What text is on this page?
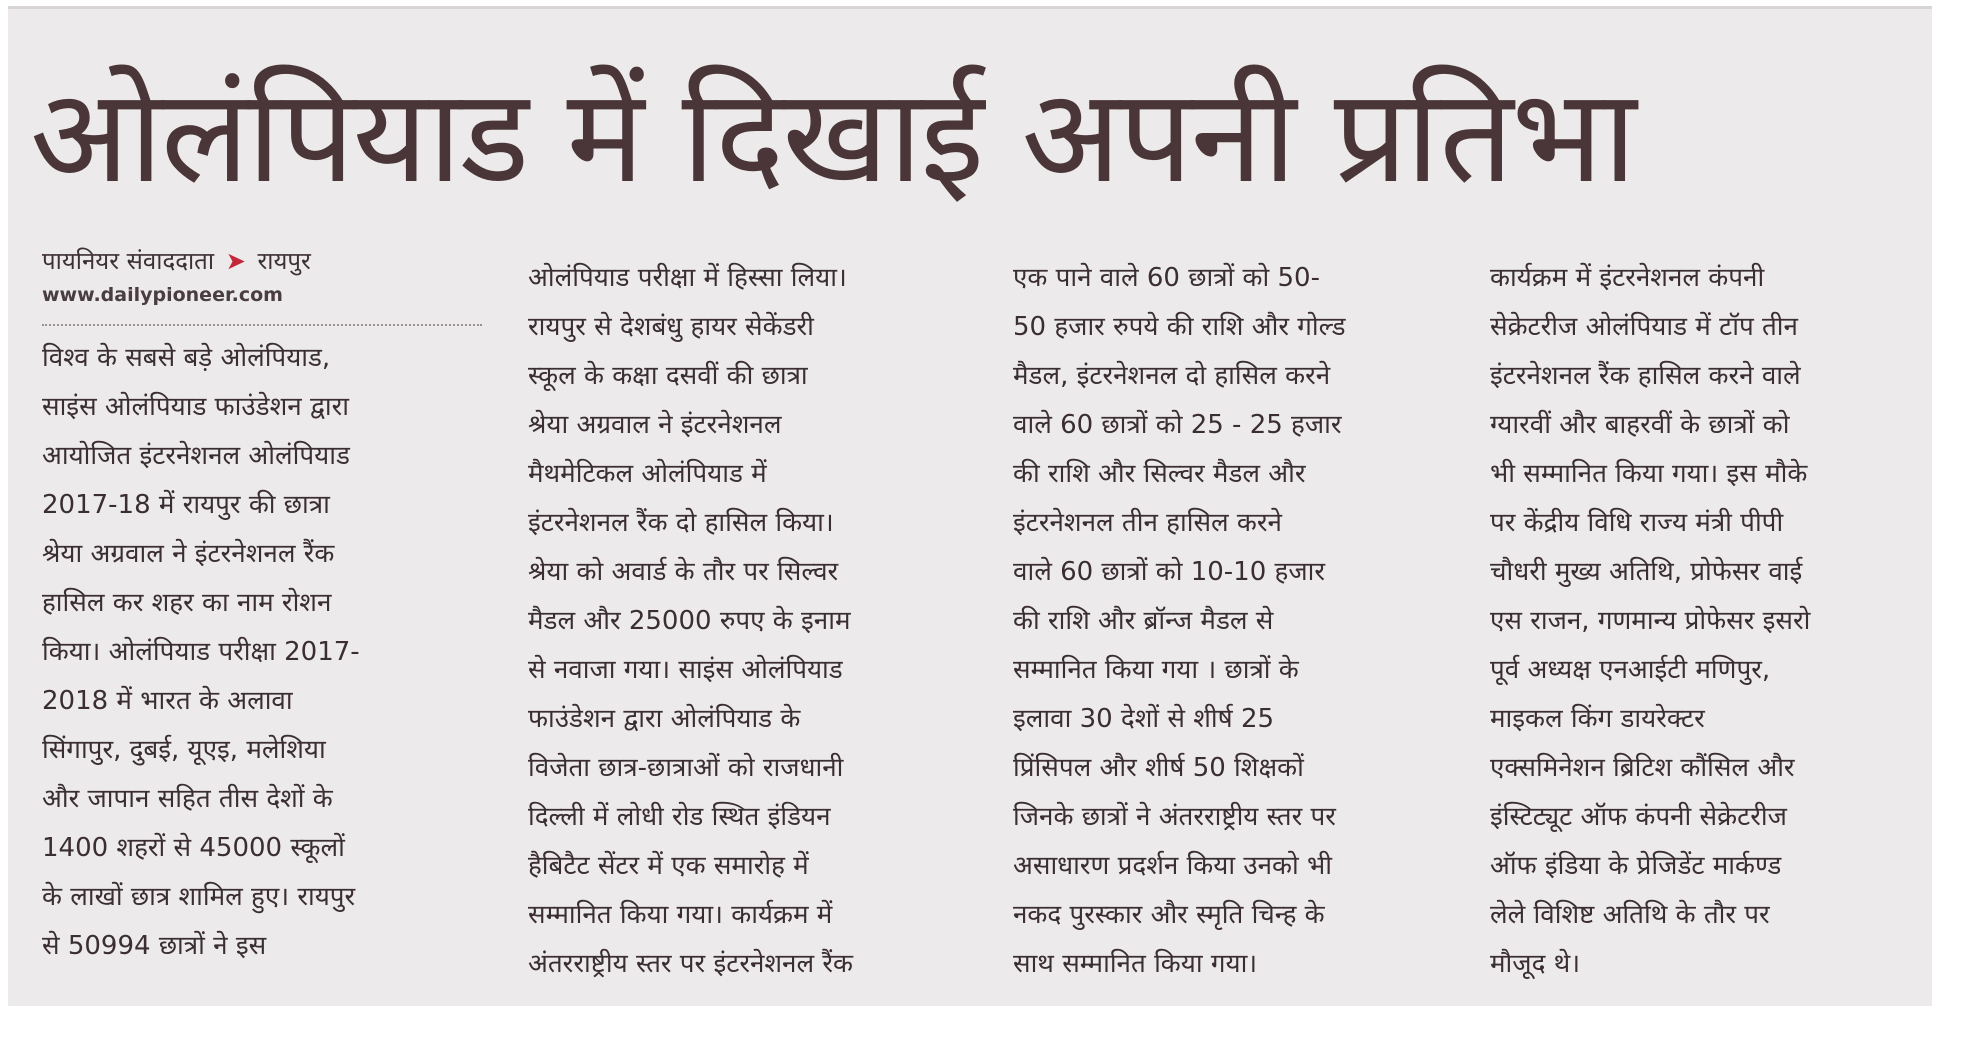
ओलंपियाड में दिखाई अपनी प्रतिभा
पायनियर संवाददाता ➤ रायपुर
www.dailypioneer.com

विश्व के सबसे बड़े ओलंपियाड,

साइंस ओलंपियाड फाउंडेशन द्वारा

आयोजित इंटरनेशनल ओलंपियाड

2017-18 में रायपुर की छात्रा

श्रेया अग्रवाल ने इंटरनेशनल रैंक

हासिल कर शहर का नाम रोशन

किया। ओलंपियाड परीक्षा 2017-

2018 में भारत के अलावा

सिंगापुर, दुबई, यूएइ, मलेशिया

और जापान सहित तीस देशों के

1400 शहरों से 45000 स्कूलों

के लाखों छात्र शामिल हुए। रायपुर

से 50994 छात्रों ने इस

ओलंपियाड परीक्षा में हिस्सा लिया।

रायपुर से देशबंधु हायर सेकेंडरी

स्कूल के कक्षा दसवीं की छात्रा

श्रेया अग्रवाल ने इंटरनेशनल

मैथमेटिकल ओलंपियाड में

इंटरनेशनल रैंक दो हासिल किया।

श्रेया को अवार्ड के तौर पर सिल्वर

मैडल और 25000 रुपए के इनाम

से नवाजा गया। साइंस ओलंपियाड

फाउंडेशन द्वारा ओलंपियाड के

विजेता छात्र-छात्राओं को राजधानी

दिल्ली में लोधी रोड स्थित इंडियन

हैबिटैट सेंटर में एक समारोह में

सम्मानित किया गया। कार्यक्रम में

अंतरराष्ट्रीय स्तर पर इंटरनेशनल रैंक

एक पाने वाले 60 छात्रों को 50-

50 हजार रुपये की राशि और गोल्ड

मैडल, इंटरनेशनल दो हासिल करने

वाले 60 छात्रों को 25 - 25 हजार

की राशि और सिल्वर मैडल और

इंटरनेशनल तीन हासिल करने

वाले 60 छात्रों को 10-10 हजार

की राशि और ब्रॉन्ज मैडल से

सम्मानित किया गया । छात्रों के

इलावा 30 देशों से शीर्ष 25

प्रिंसिपल और शीर्ष 50 शिक्षकों

जिनके छात्रों ने अंतरराष्ट्रीय स्तर पर

असाधारण प्रदर्शन किया उनको भी

नकद पुरस्कार और स्मृति चिन्ह के

साथ सम्मानित किया गया।

कार्यक्रम में इंटरनेशनल कंपनी

सेक्रेटरीज ओलंपियाड में टॉप तीन

इंटरनेशनल रैंक हासिल करने वाले

ग्यारवीं और बाहरवीं के छात्रों को

भी सम्मानित किया गया। इस मौके

पर केंद्रीय विधि राज्य मंत्री पीपी

चौधरी मुख्य अतिथि, प्रोफेसर वाई

एस राजन, गणमान्य प्रोफेसर इसरो

पूर्व अध्यक्ष एनआईटी मणिपुर,

माइकल किंग डायरेक्टर

एक्समिनेशन ब्रिटिश कौंसिल और

इंस्टिट्यूट ऑफ कंपनी सेक्रेटरीज

ऑफ इंडिया के प्रेजिडेंट मार्कण्ड

लेले विशिष्ट अतिथि के तौर पर

मौजूद थे।
